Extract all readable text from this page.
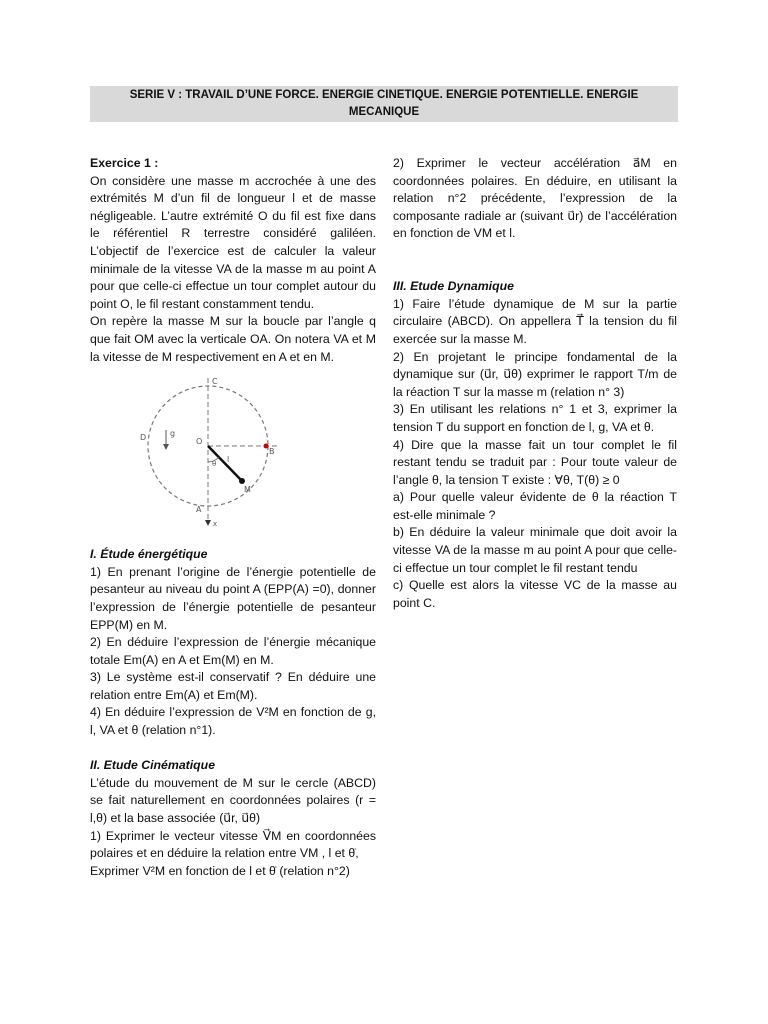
SERIE V : TRAVAIL D’UNE FORCE. ENERGIE CINETIQUE. ENERGIE POTENTIELLE. ENERGIE MECANIQUE

Exercice 1 :

On considère une masse m accrochée à une des extrémités M d’un fil de longueur l et de masse négligeable. L’autre extrémité O du fil est fixe dans le référentiel R terrestre considéré galiléen. L’objectif de l’exercice est de calculer la valeur minimale de la vitesse VA de la masse m au point A pour que celle-ci effectue un tour complet autour du point O, le fil restant constamment tendu.

On repère la masse M sur la boucle par l’angle q que fait OM avec la verticale OA. On notera VA et M la vitesse de M respectivement en A et en M.

C
D
B
O
A
M
l
θ
x
g

I. Étude énergétique

1) En prenant l’origine de l’énergie potentielle de pesanteur au niveau du point A (EPP(A) =0), donner l’expression de l’énergie potentielle de pesanteur EPP(M) en M.

2) En déduire l’expression de l’énergie mécanique totale Em(A) en A et Em(M) en M.

3) Le système est-il conservatif ? En déduire une relation entre Em(A) et Em(M).

4) En déduire l’expression de V²M en fonction de g, l, VA et θ (relation n°1).

II. Etude Cinématique

L’étude du mouvement de M sur le cercle (ABCD) se fait naturellement en coordonnées polaires (r = l,θ) et la base associée (u⃗r, u⃗θ)

1) Exprimer le vecteur vitesse V⃗M en coordonnées polaires et en déduire la relation entre VM , l et θ̇,

Exprimer V²M en fonction de l et θ̇ (relation n°2)

2) Exprimer le vecteur accélération a⃗M en coordonnées polaires. En déduire, en utilisant la relation n°2 précédente, l’expression de la composante radiale ar (suivant u⃗r) de l’accélération en fonction de VM et l.

III. Etude Dynamique

1) Faire l’étude dynamique de M sur la partie circulaire (ABCD). On appellera T⃗ la tension du fil exercée sur la masse M.

2) En projetant le principe fondamental de la dynamique sur (u⃗r, u⃗θ) exprimer le rapport T/m de la réaction T sur la masse m (relation n° 3)

3) En utilisant les relations n° 1 et 3, exprimer la tension T du support en fonction de l, g, VA et θ.

4) Dire que la masse fait un tour complet le fil restant tendu se traduit par : Pour toute valeur de l’angle θ, la tension T existe : ∀θ, T(θ) ≥ 0

a) Pour quelle valeur évidente de θ la réaction T est-elle minimale ?

b) En déduire la valeur minimale que doit avoir la vitesse VA de la masse m au point A pour que celle-ci effectue un tour complet le fil restant tendu

c) Quelle est alors la vitesse VC de la masse au point C.
